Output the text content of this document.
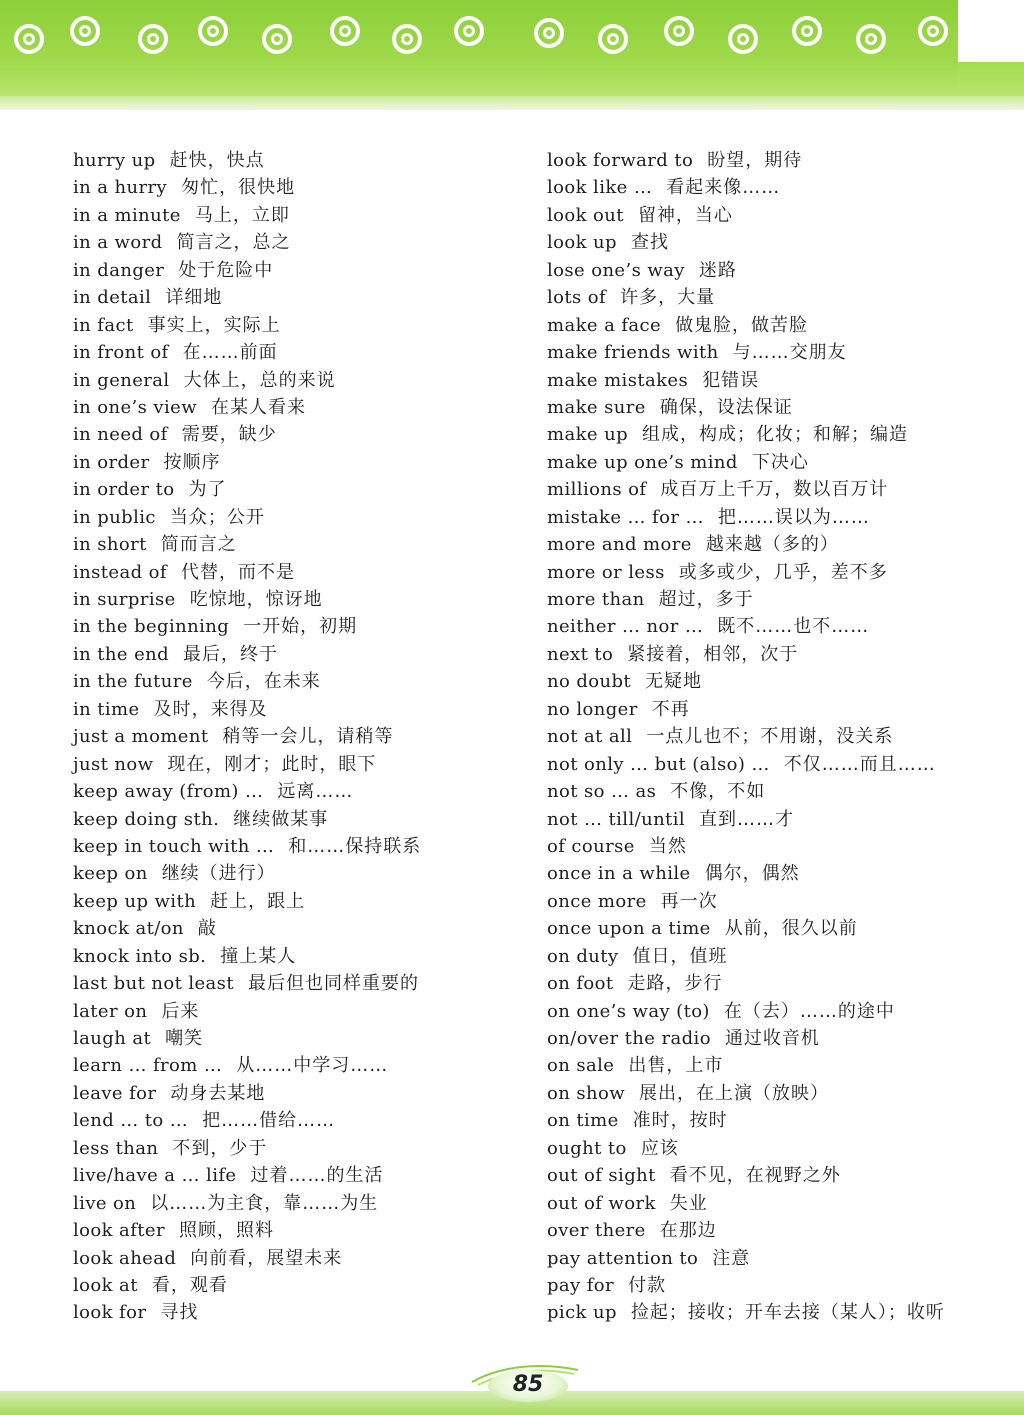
hurry up 赶快，快点
in a hurry 匆忙，很快地
in a minute 马上，立即
in a word 简言之，总之
in danger 处于危险中
in detail 详细地
in fact 事实上，实际上
in front of 在……前面
in general 大体上，总的来说
in one’s view 在某人看来
in need of 需要，缺少
in order 按顺序
in order to 为了
in public 当众；公开
in short 简而言之
instead of 代替，而不是
in surprise 吃惊地，惊讶地
in the beginning 一开始，初期
in the end 最后，终于
in the future 今后，在未来
in time 及时，来得及
just a moment 稍等一会儿，请稍等
just now 现在，刚才；此时，眼下
keep away (from) … 远离……
keep doing sth. 继续做某事
keep in touch with … 和……保持联系
keep on 继续（进行）
keep up with 赶上，跟上
knock at/on 敲
knock into sb. 撞上某人
last but not least 最后但也同样重要的
later on 后来
laugh at 嘲笑
learn … from … 从……中学习……
leave for 动身去某地
lend … to … 把……借给……
less than 不到，少于
live/have a … life 过着……的生活
live on 以……为主食，靠……为生
look after 照顾，照料
look ahead 向前看，展望未来
look at 看，观看
look for 寻找
look forward to 盼望，期待
look like … 看起来像……
look out 留神，当心
look up 查找
lose one’s way 迷路
lots of 许多，大量
make a face 做鬼脸，做苦脸
make friends with 与……交朋友
make mistakes 犯错误
make sure 确保，设法保证
make up 组成，构成；化妆；和解；编造
make up one’s mind 下决心
millions of 成百万上千万，数以百万计
mistake … for … 把……误以为……
more and more 越来越（多的）
more or less 或多或少，几乎，差不多
more than 超过，多于
neither … nor … 既不……也不……
next to 紧接着，相邻，次于
no doubt 无疑地
no longer 不再
not at all 一点儿也不；不用谢，没关系
not only … but (also) … 不仅……而且……
not so … as 不像，不如
not … till/until 直到……才
of course 当然
once in a while 偶尔，偶然
once more 再一次
once upon a time 从前，很久以前
on duty 值日，值班
on foot 走路，步行
on one’s way (to) 在（去）……的途中
on/over the radio 通过收音机
on sale 出售，上市
on show 展出，在上演（放映）
on time 准时，按时
ought to 应该
out of sight 看不见，在视野之外
out of work 失业
over there 在那边
pay attention to 注意
pay for 付款
pick up 捡起；接收；开车去接（某人）；收听
85
